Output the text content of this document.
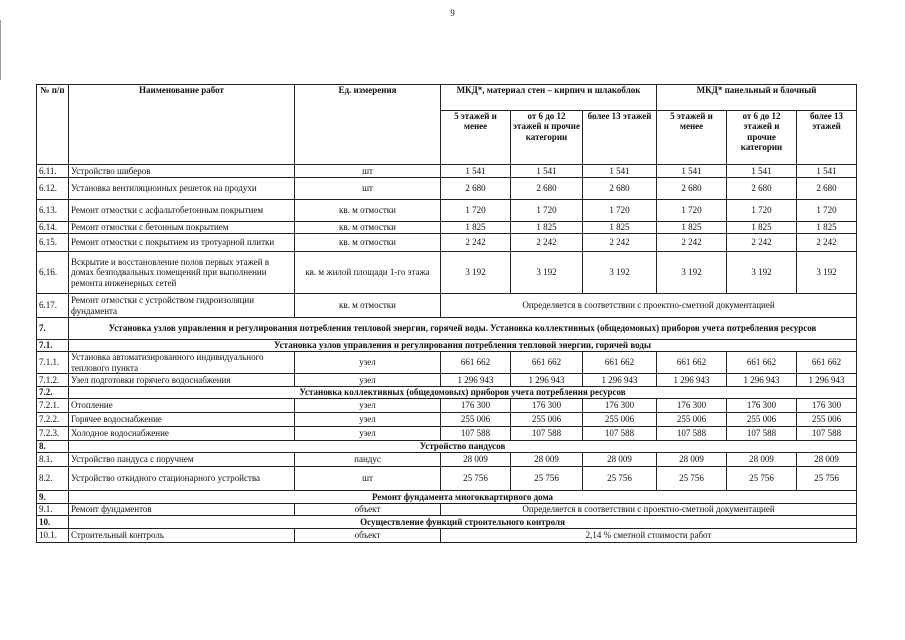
9
№ п/п	Наименование работ	Ед. измерения	МКД*, материал стен – кирпич и шлакоблок			МКД* панельный и блочный		
			5 этажей и менее	от 6 до 12 этажей и прочие категории	более 13 этажей	5 этажей и менее	от 6 до 12 этажей и прочие категории	более 13 этажей
6.11.	Устройство шиберов	шт	1 541	1 541	1 541	1 541	1 541	1 541
6.12.	Установка вентиляционных решеток на продухи	шт	2 680	2 680	2 680	2 680	2 680	2 680
6.13.	Ремонт отмостки с асфальтобетонным покрытием	кв. м отмостки	1 720	1 720	1 720	1 720	1 720	1 720
6.14.	Ремонт отмостки с бетонным покрытием	кв. м отмостки	1 825	1 825	1 825	1 825	1 825	1 825
6.15.	Ремонт отмостки с покрытием из тротуарной плитки	кв. м отмостки	2 242	2 242	2 242	2 242	2 242	2 242
6.16.	Вскрытие и восстановление полов первых этажей в домах безподвальных помещений при выполнении ремонта инженерных сетей	кв. м жилой площади 1-го этажа	3 192	3 192	3 192	3 192	3 192	3 192
6.17.	Ремонт отмостки с устройством гидроизоляции фундамента	кв. м отмостки	Определяется в соответствии с проектно-сметной документацией					
7.	Установка узлов управления и регулирования потребления тепловой энергии, горячей воды. Установка коллективных (общедомовых) приборов учета потребления ресурсов							
7.1.	Установка узлов управления и регулирования потребления тепловой энергии, горячей воды							
7.1.1.	Установка автоматизированного индивидуального теплового пункта	узел	661 662	661 662	661 662	661 662	661 662	661 662
7.1.2.	Узел подготовки горячего водоснабжения	узел	1 296 943	1 296 943	1 296 943	1 296 943	1 296 943	1 296 943
7.2.	Установка коллективных (общедомовых) приборов учета потребления ресурсов							
7.2.1.	Отопление	узел	176 300	176 300	176 300	176 300	176 300	176 300
7.2.2.	Горячее водоснабжение	узел	255 006	255 006	255 006	255 006	255 006	255 006
7.2.3.	Холодное водоснабжение	узел	107 588	107 588	107 588	107 588	107 588	107 588
8.	Устройство пандусов							
8.1.	Устройство пандуса с поручнем	пандус	28 009	28 009	28 009	28 009	28 009	28 009
8.2.	Устройство откидного стационарного устройства	шт	25 756	25 756	25 756	25 756	25 756	25 756
9.	Ремонт фундамента многоквартирного дома							
9.1.	Ремонт фундаментов	объект	Определяется в соответствии с проектно-сметной документацией					
10.	Осуществление функций строительного контроля							
10.1.	Строительный контроль	объект	2,14 % сметной стоимости работ					
